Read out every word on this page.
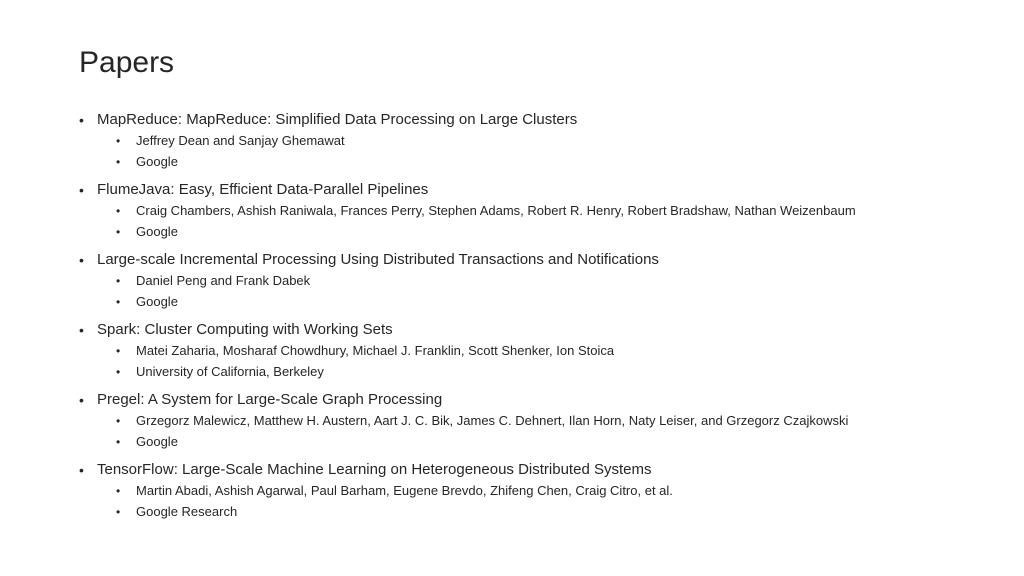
Papers
• MapReduce: MapReduce: Simplified Data Processing on Large Clusters
• Jeffrey Dean and Sanjay Ghemawat
• Google
• FlumeJava: Easy, Efficient Data-Parallel Pipelines
• Craig Chambers, Ashish Raniwala, Frances Perry, Stephen Adams, Robert R. Henry, Robert Bradshaw, Nathan Weizenbaum
• Google
• Large-scale Incremental Processing Using Distributed Transactions and Notifications
• Daniel Peng and Frank Dabek
• Google
• Spark: Cluster Computing with Working Sets
• Matei Zaharia, Mosharaf Chowdhury, Michael J. Franklin, Scott Shenker, Ion Stoica
• University of California, Berkeley
• Pregel: A System for Large-Scale Graph Processing
• Grzegorz Malewicz, Matthew H. Austern, Aart J. C. Bik, James C. Dehnert, Ilan Horn, Naty Leiser, and Grzegorz Czajkowski
• Google
• TensorFlow: Large-Scale Machine Learning on Heterogeneous Distributed Systems
• Martin Abadi, Ashish Agarwal, Paul Barham, Eugene Brevdo, Zhifeng Chen, Craig Citro, et al.
• Google Research
